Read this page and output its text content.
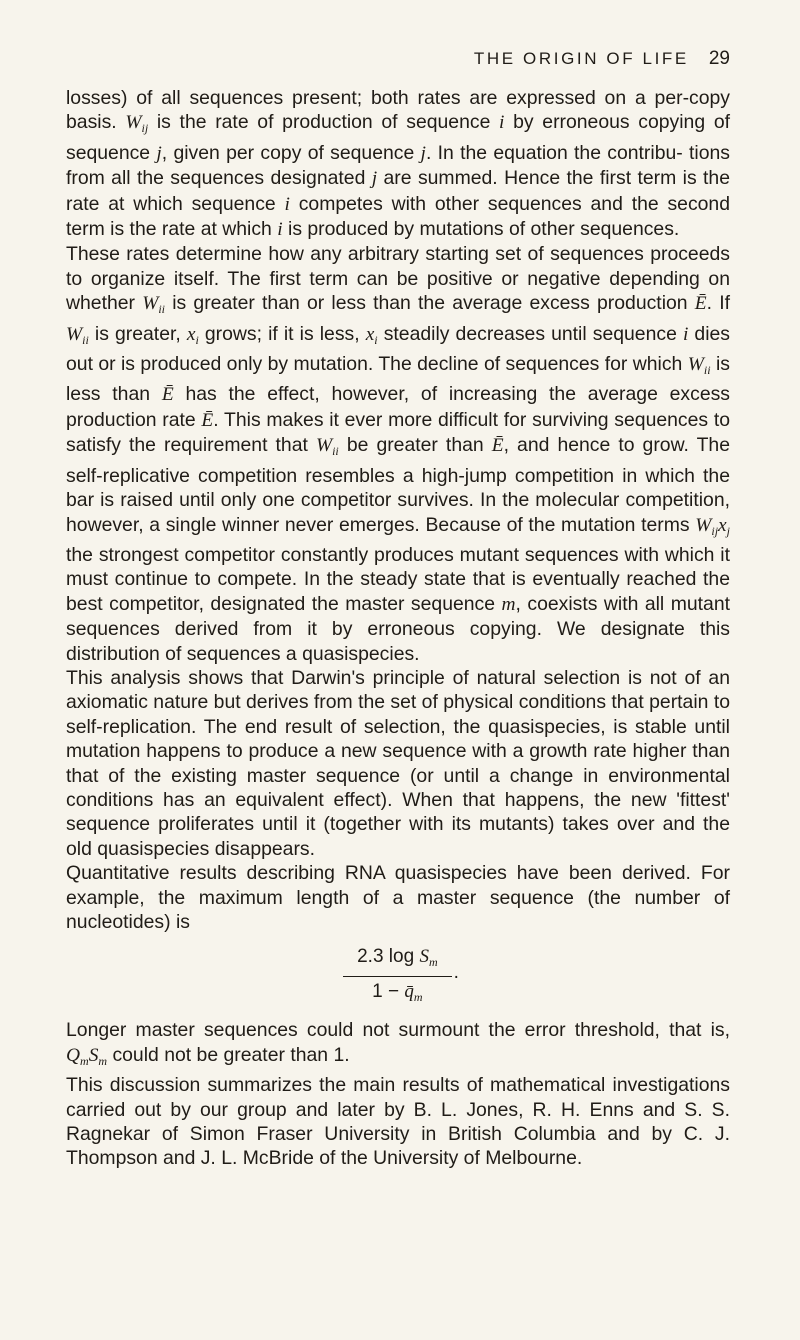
THE ORIGIN OF LIFE 29

losses) of all sequences present; both rates are expressed on a per-copy basis. $W_{ij}$ is the rate of production of sequence i by erroneous copying of sequence j, given per copy of sequence j. In the equation the contribu- tions from all the sequences designated j are summed. Hence the first term is the rate at which sequence i competes with other sequences and the second term is the rate at which i is produced by mutations of other sequences.

These rates determine how any arbitrary starting set of sequences proceeds to organize itself. The first term can be positive or negative depending on whether $W_{ii}$ is greater than or less than the average excess production Ē. If $W_{ii}$ is greater, $x_i$ grows; if it is less, $x_i$ steadily decreases until sequence i dies out or is produced only by mutation. The decline of sequences for which $W_{ii}$ is less than Ē has the effect, however, of increasing the average excess production rate Ē. This makes it ever more difficult for surviving sequences to satisfy the requirement that $W_{ii}$ be greater than Ē, and hence to grow. The self-replicative competition resembles a high-jump competition in which the bar is raised until only one competitor survives. In the molecular competition, however, a single winner never emerges. Because of the mutation terms $W_{ij}x_j$ the strongest competitor constantly produces mutant sequences with which it must continue to compete. In the steady state that is eventually reached the best competitor, designated the master sequence m, coexists with all mutant sequences derived from it by erroneous copying. We designate this distribution of sequences a quasispecies.

This analysis shows that Darwin's principle of natural selection is not of an axiomatic nature but derives from the set of physical conditions that pertain to self-replication. The end result of selection, the quasispecies, is stable until mutation happens to produce a new sequence with a growth rate higher than that of the existing master sequence (or until a change in environmental conditions has an equivalent effect). When that happens, the new 'fittest' sequence proliferates until it (together with its mutants) takes over and the old quasispecies disappears.

Quantitative results describing RNA quasispecies have been derived. For example, the maximum length of a master sequence (the number of nucleotides) is

$\frac{2.3 \log S_m}{1 - q̄_m}$ .

Longer master sequences could not surmount the error threshold, that is, $Q_mS_m$ could not be greater than 1.

This discussion summarizes the main results of mathematical investigations carried out by our group and later by B. L. Jones, R. H. Enns and S. S. Ragnekar of Simon Fraser University in British Columbia and by C. J. Thompson and J. L. McBride of the University of Melbourne.
